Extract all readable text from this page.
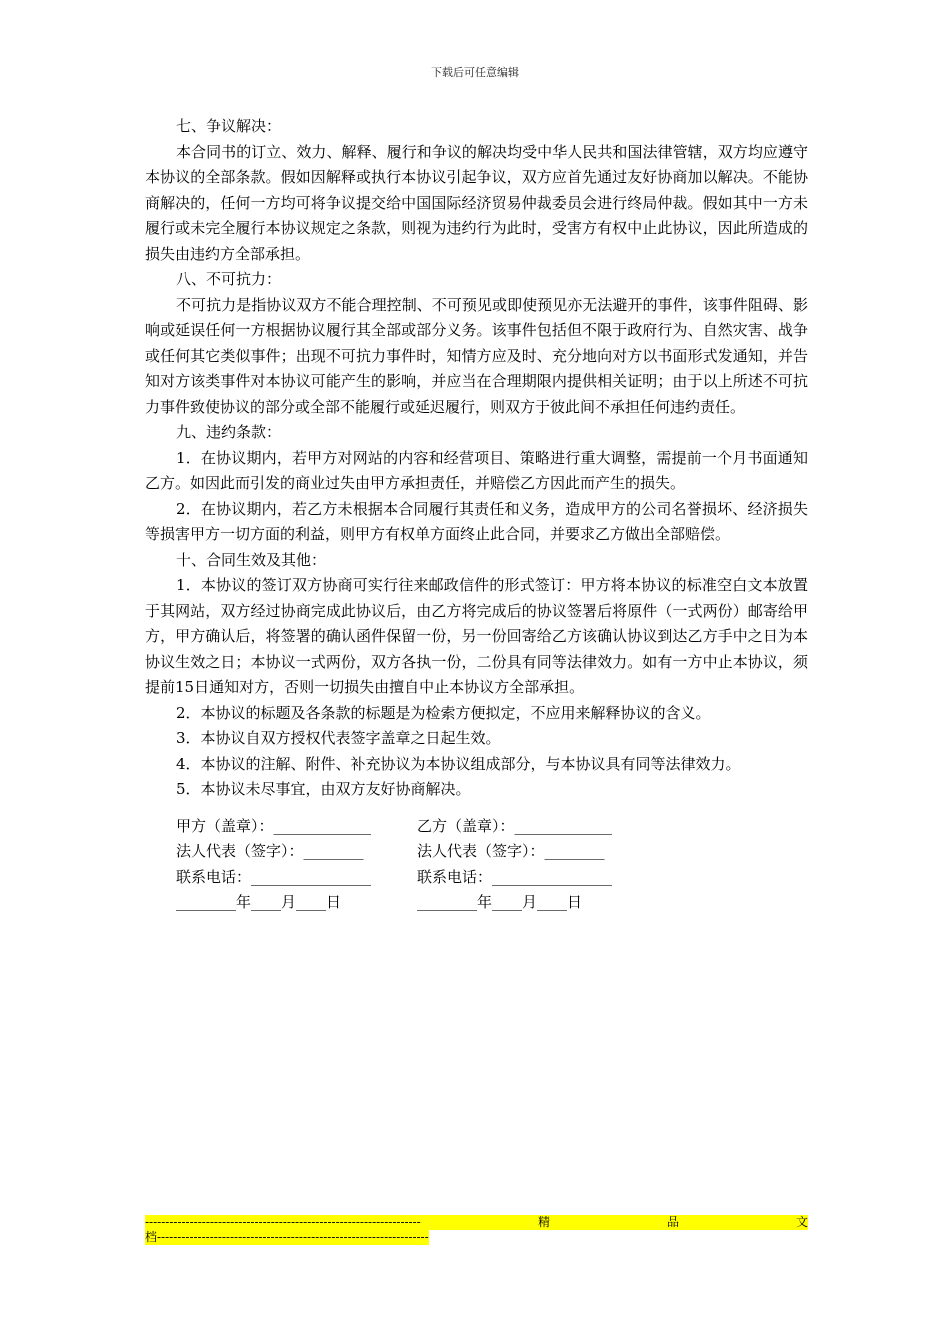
下载后可任意编辑

七、争议解决：

本合同书的订立、效力、解释、履行和争议的解决均受中华人民共和国法律管辖，双方均应遵守本协议的全部条款。假如因解释或执行本协议引起争议，双方应首先通过友好协商加以解决。不能协商解决的，任何一方均可将争议提交给中国国际经济贸易仲裁委员会进行终局仲裁。假如其中一方未履行或未完全履行本协议规定之条款，则视为违约行为此时，受害方有权中止此协议，因此所造成的损失由违约方全部承担。

八、不可抗力：

不可抗力是指协议双方不能合理控制、不可预见或即使预见亦无法避开的事件，该事件阻碍、影响或延误任何一方根据协议履行其全部或部分义务。该事件包括但不限于政府行为、自然灾害、战争或任何其它类似事件；出现不可抗力事件时，知情方应及时、充分地向对方以书面形式发通知，并告知对方该类事件对本协议可能产生的影响，并应当在合理期限内提供相关证明；由于以上所述不可抗力事件致使协议的部分或全部不能履行或延迟履行，则双方于彼此间不承担任何违约责任。

九、违约条款：

1．在协议期内，若甲方对网站的内容和经营项目、策略进行重大调整，需提前一个月书面通知乙方。如因此而引发的商业过失由甲方承担责任，并赔偿乙方因此而产生的损失。

2．在协议期内，若乙方未根据本合同履行其责任和义务，造成甲方的公司名誉损坏、经济损失等损害甲方一切方面的利益，则甲方有权单方面终止此合同，并要求乙方做出全部赔偿。

十、合同生效及其他：

1．本协议的签订双方协商可实行往来邮政信件的形式签订：甲方将本协议的标准空白文本放置于其网站，双方经过协商完成此协议后，由乙方将完成后的协议签署后将原件（一式两份）邮寄给甲方，甲方确认后，将签署的确认函件保留一份，另一份回寄给乙方该确认协议到达乙方手中之日为本协议生效之日；本协议一式两份，双方各执一份，二份具有同等法律效力。如有一方中止本协议，须提前15日通知对方，否则一切损失由擅自中止本协议方全部承担。

2．本协议的标题及各条款的标题是为检索方便拟定，不应用来解释协议的含义。

3．本协议自双方授权代表签字盖章之日起生效。

4．本协议的注解、附件、补充协议为本协议组成部分，与本协议具有同等法律效力。

5．本协议未尽事宜，由双方友好协商解决。

甲方（盖章）：_____________	乙方（盖章）：_____________
法人代表（签字）：________	法人代表（签字）：________
联系电话：________________	联系电话：________________
________年____月____日	________年____月____日
--------------------------------------------------------------------	精	品	文
档-------------------------------------------------------------------
